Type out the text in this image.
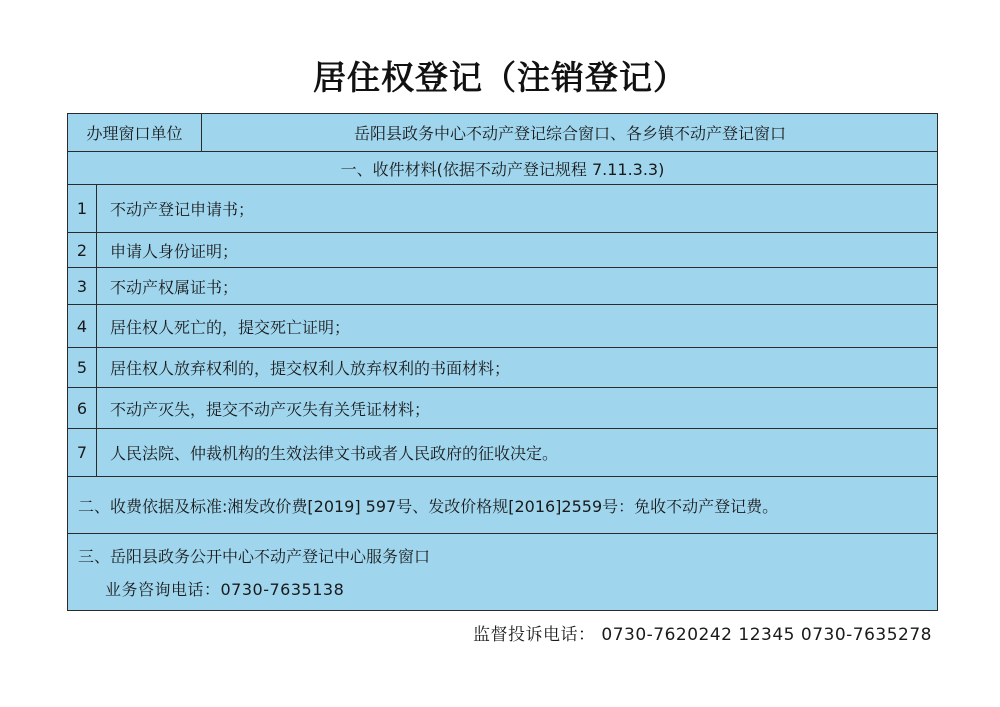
居住权登记（注销登记）
办理窗口单位	岳阳县政务中心不动产登记综合窗口、各乡镇不动产登记窗口
一、收件材料(依据不动产登记规程 7.11.3.3)
1	不动产登记申请书；
2	申请人身份证明；
3	不动产权属证书；
4	居住权人死亡的，提交死亡证明；
5	居住权人放弃权利的，提交权利人放弃权利的书面材料；
6	不动产灭失，提交不动产灭失有关凭证材料；
7	人民法院、仲裁机构的生效法律文书或者人民政府的征收决定。
二、收费依据及标准:湘发改价费[2019] 597号、发改价格规[2016]2559号：免收不动产登记费。
三、岳阳县政务公开中心不动产登记中心服务窗口
业务咨询电话：0730-7635138
监督投诉电话： 0730-7620242 12345 0730-7635278
